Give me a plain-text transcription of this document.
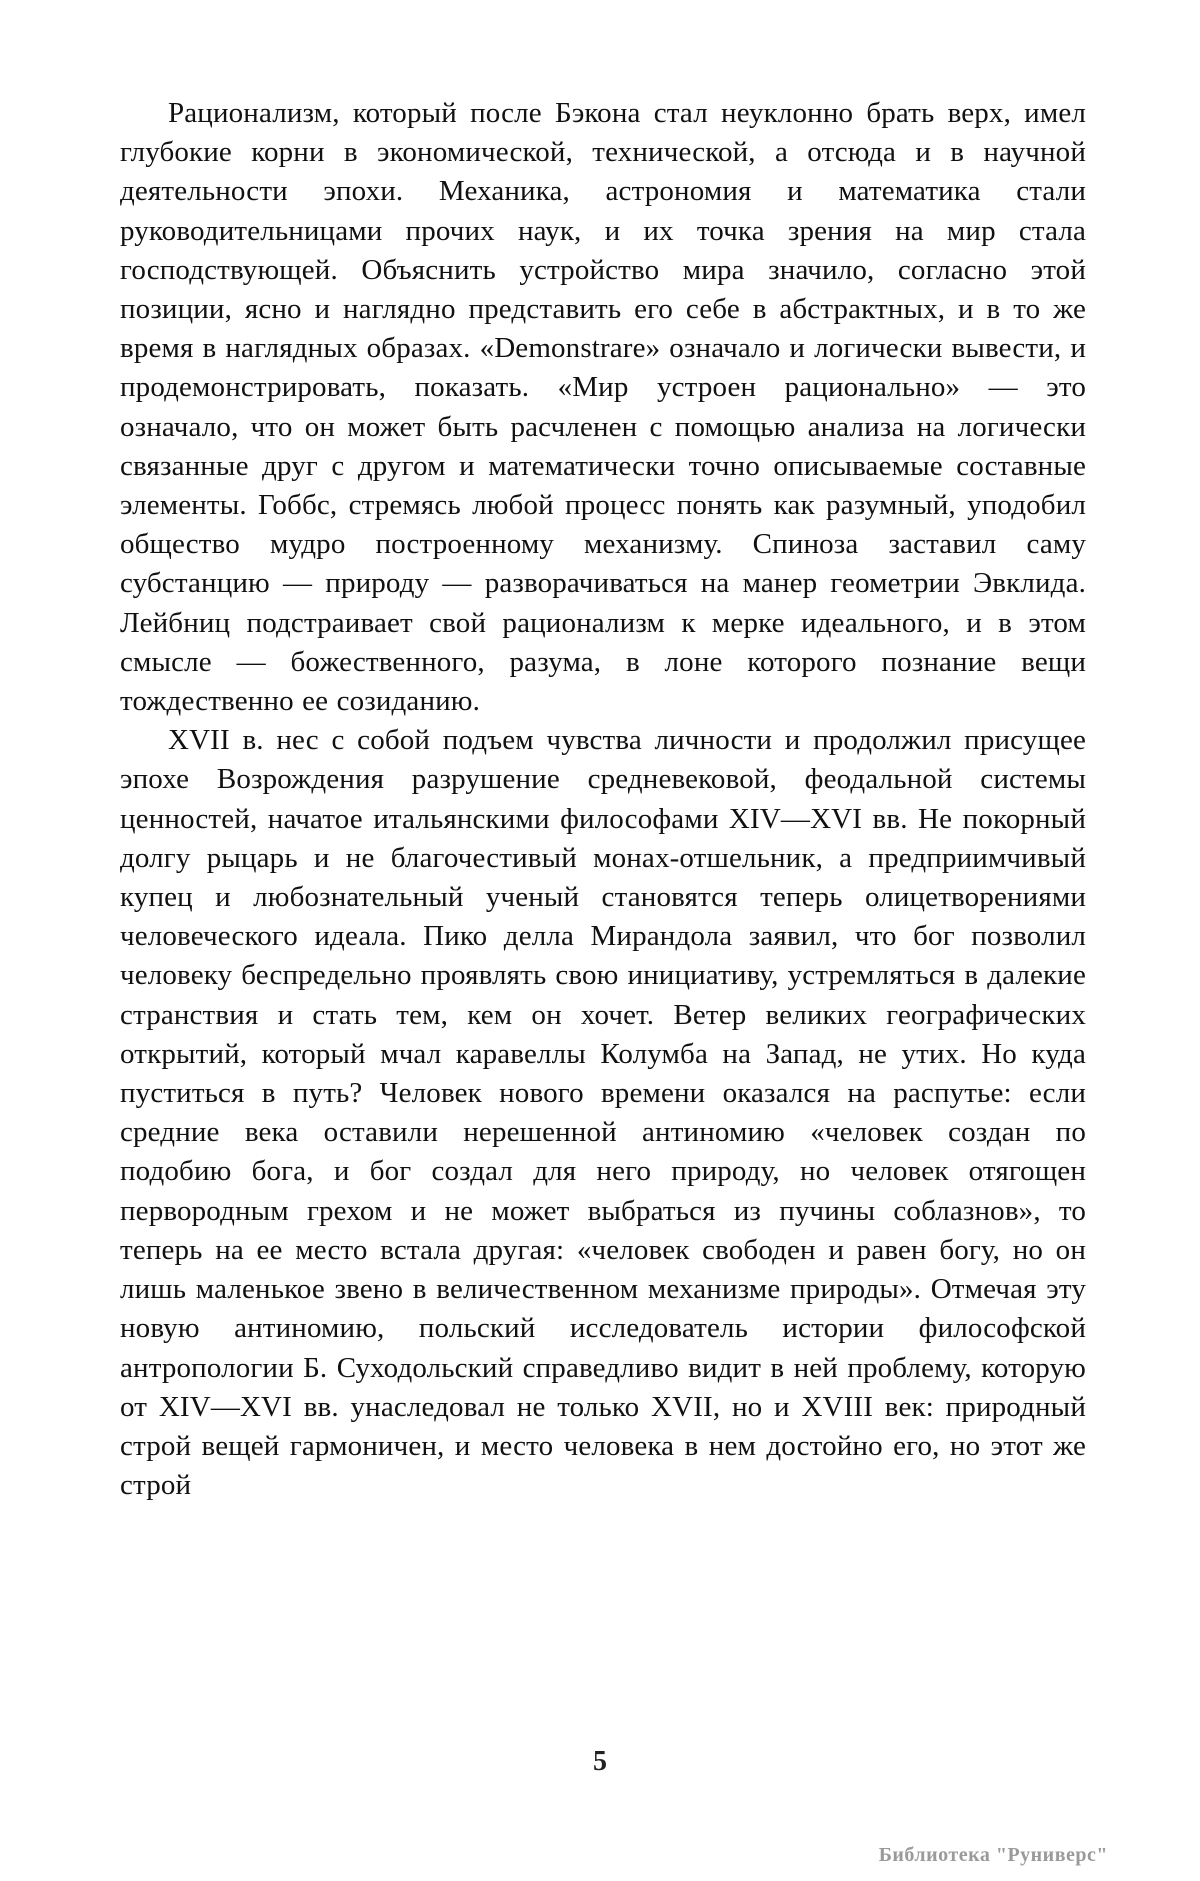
Рационализм, который после Бэкона стал неуклонно брать верх, имел глубокие корни в экономической, технической, а отсюда и в научной деятельности эпохи. Механика, астрономия и математика стали руководительницами прочих наук, и их точка зрения на мир стала господствующей. Объяснить устройство мира значило, согласно этой позиции, ясно и наглядно представить его себе в абстрактных, и в то же время в наглядных образах. «Demonstrare» означало и логически вывести, и продемонстрировать, показать. «Мир устроен рационально» — это означало, что он может быть расчленен с помощью анализа на логически связанные друг с другом и математически точно описываемые составные элементы. Гоббс, стремясь любой процесс понять как разумный, уподобил общество мудро построенному механизму. Спиноза заставил саму субстанцию — природу — разворачиваться на манер геометрии Эвклида. Лейбниц подстраивает свой рационализм к мерке идеального, и в этом смысле — божественного, разума, в лоне которого познание вещи тождественно ее созиданию.

XVII в. нес с собой подъем чувства личности и продолжил присущее эпохе Возрождения разрушение средневековой, феодальной системы ценностей, начатое итальянскими философами XIV—XVI вв. Не покорный долгу рыцарь и не благочестивый монах-отшельник, а предприимчивый купец и любознательный ученый становятся теперь олицетворениями человеческого идеала. Пико делла Мирандола заявил, что бог позволил человеку беспредельно проявлять свою инициативу, устремляться в далекие странствия и стать тем, кем он хочет. Ветер великих географических открытий, который мчал каравеллы Колумба на Запад, не утих. Но куда пуститься в путь? Человек нового времени оказался на распутье: если средние века оставили нерешенной антиномию «человек создан по подобию бога, и бог создал для него природу, но человек отягощен первородным грехом и не может выбраться из пучины соблазнов», то теперь на ее место встала другая: «человек свободен и равен богу, но он лишь маленькое звено в величественном механизме природы». Отмечая эту новую антиномию, польский исследователь истории философской антропологии Б. Суходольский справедливо видит в ней проблему, которую от XIV—XVI вв. унаследовал не только XVII, но и XVIII век: природный строй вещей гармоничен, и место человека в нем достойно его, но этот же строй

5
Библиотека "Руниверс"
